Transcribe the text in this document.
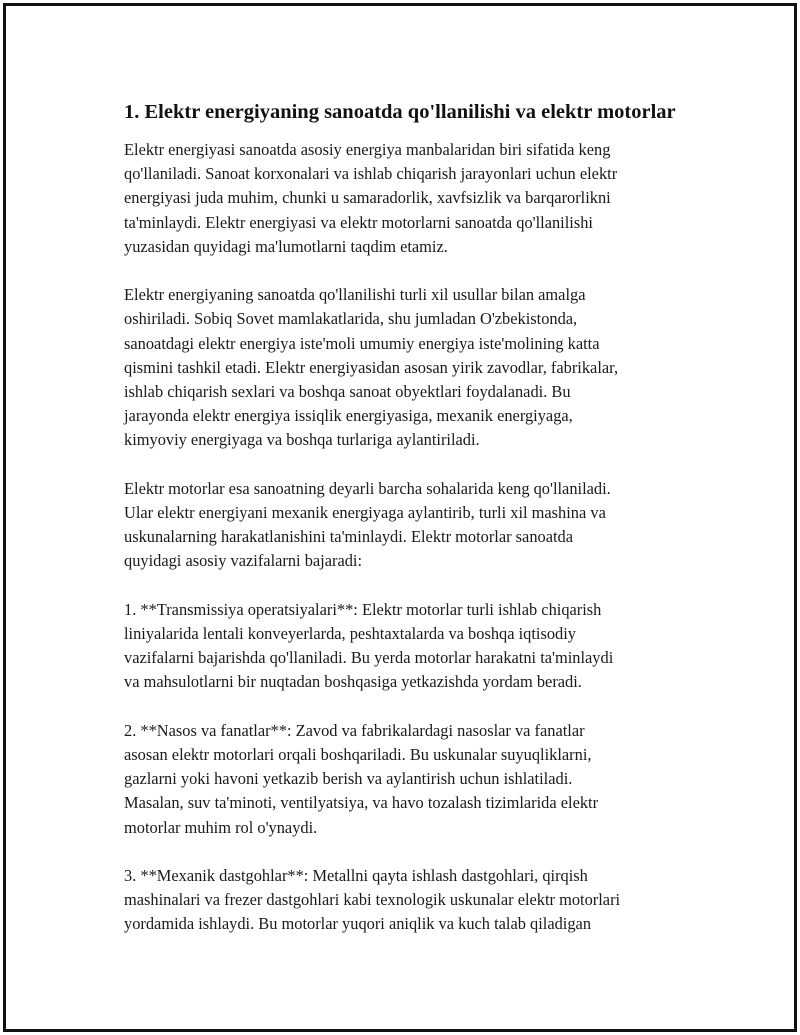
1. Elektr energiyaning sanoatda qo'llanilishi va elektr motorlar

Elektr energiyasi sanoatda asosiy energiya manbalaridan biri sifatida keng
qo'llaniladi. Sanoat korxonalari va ishlab chiqarish jarayonlari uchun elektr
energiyasi juda muhim, chunki u samaradorlik, xavfsizlik va barqarorlikni
ta'minlaydi. Elektr energiyasi va elektr motorlarni sanoatda qo'llanilishi
yuzasidan quyidagi ma'lumotlarni taqdim etamiz.

Elektr energiyaning sanoatda qo'llanilishi turli xil usullar bilan amalga
oshiriladi. Sobiq Sovet mamlakatlarida, shu jumladan O'zbekistonda,
sanoatdagi elektr energiya iste'moli umumiy energiya iste'molining katta
qismini tashkil etadi. Elektr energiyasidan asosan yirik zavodlar, fabrikalar,
ishlab chiqarish sexlari va boshqa sanoat obyektlari foydalanadi. Bu
jarayonda elektr energiya issiqlik energiyasiga, mexanik energiyaga,
kimyoviy energiyaga va boshqa turlariga aylantiriladi.

Elektr motorlar esa sanoatning deyarli barcha sohalarida keng qo'llaniladi.
Ular elektr energiyani mexanik energiyaga aylantirib, turli xil mashina va
uskunalarning harakatlanishini ta'minlaydi. Elektr motorlar sanoatda
quyidagi asosiy vazifalarni bajaradi:

1. **Transmissiya operatsiyalari**: Elektr motorlar turli ishlab chiqarish
liniyalarida lentali konveyerlarda, peshtaxtalarda va boshqa iqtisodiy
vazifalarni bajarishda qo'llaniladi. Bu yerda motorlar harakatni ta'minlaydi
va mahsulotlarni bir nuqtadan boshqasiga yetkazishda yordam beradi.

2. **Nasos va fanatlar**: Zavod va fabrikalardagi nasoslar va fanatlar
asosan elektr motorlari orqali boshqariladi. Bu uskunalar suyuqliklarni,
gazlarni yoki havoni yetkazib berish va aylantirish uchun ishlatiladi.
Masalan, suv ta'minoti, ventilyatsiya, va havo tozalash tizimlarida elektr
motorlar muhim rol o'ynaydi.

3. **Mexanik dastgohlar**: Metallni qayta ishlash dastgohlari, qirqish
mashinalari va frezer dastgohlari kabi texnologik uskunalar elektr motorlari
yordamida ishlaydi. Bu motorlar yuqori aniqlik va kuch talab qiladigan
